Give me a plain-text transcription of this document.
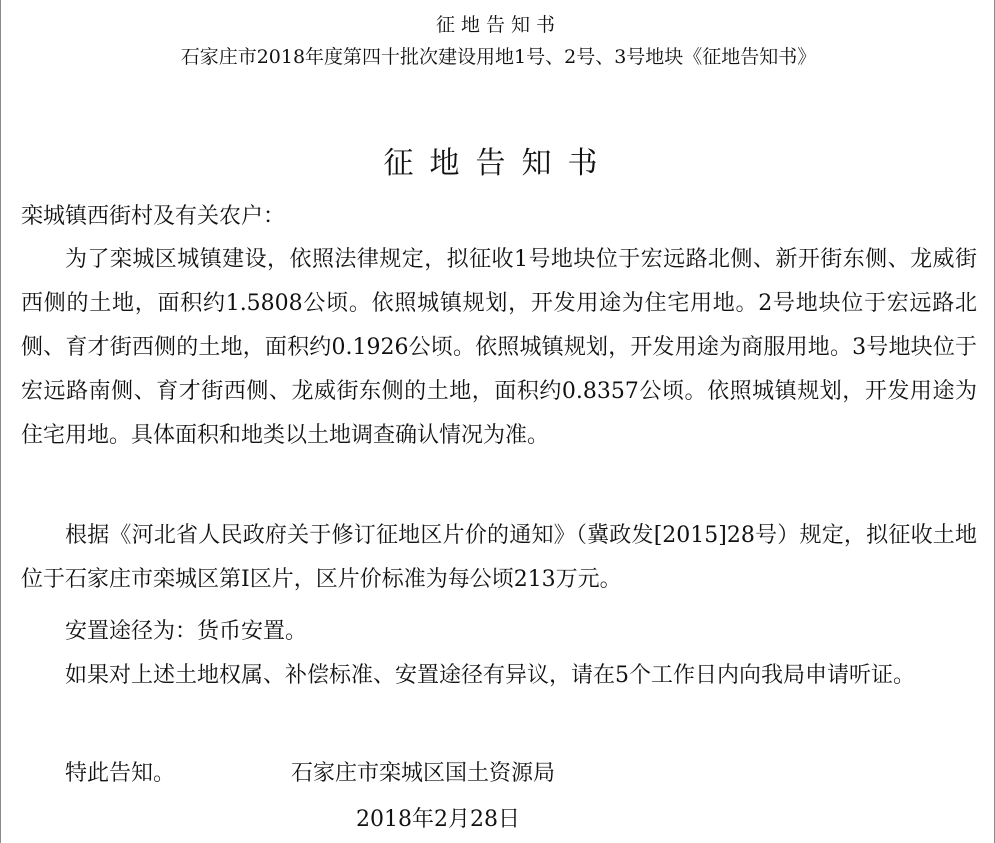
征地告知书
石家庄市2018年度第四十批次建设用地1号、2号、3号地块《征地告知书》
征地告知书
栾城镇西街村及有关农户：

为了栾城区城镇建设，依照法律规定，拟征收1号地块位于宏远路北侧、新开街东侧、龙威街西侧的土地，面积约1.5808公顷。依照城镇规划，开发用途为住宅用地。2号地块位于宏远路北侧、育才街西侧的土地，面积约0.1926公顷。依照城镇规划，开发用途为商服用地。3号地块位于宏远路南侧、育才街西侧、龙威街东侧的土地，面积约0.8357公顷。依照城镇规划，开发用途为住宅用地。具体面积和地类以土地调查确认情况为准。

根据《河北省人民政府关于修订征地区片价的通知》（冀政发[2015]28号）规定，拟征收土地位于石家庄市栾城区第Ⅰ区片，区片价标准为每公顷213万元。

安置途径为：货币安置。

如果对上述土地权属、补偿标准、安置途径有异议，请在5个工作日内向我局申请听证。

特此告知。	石家庄市栾城区国土资源局
2018年2月28日
